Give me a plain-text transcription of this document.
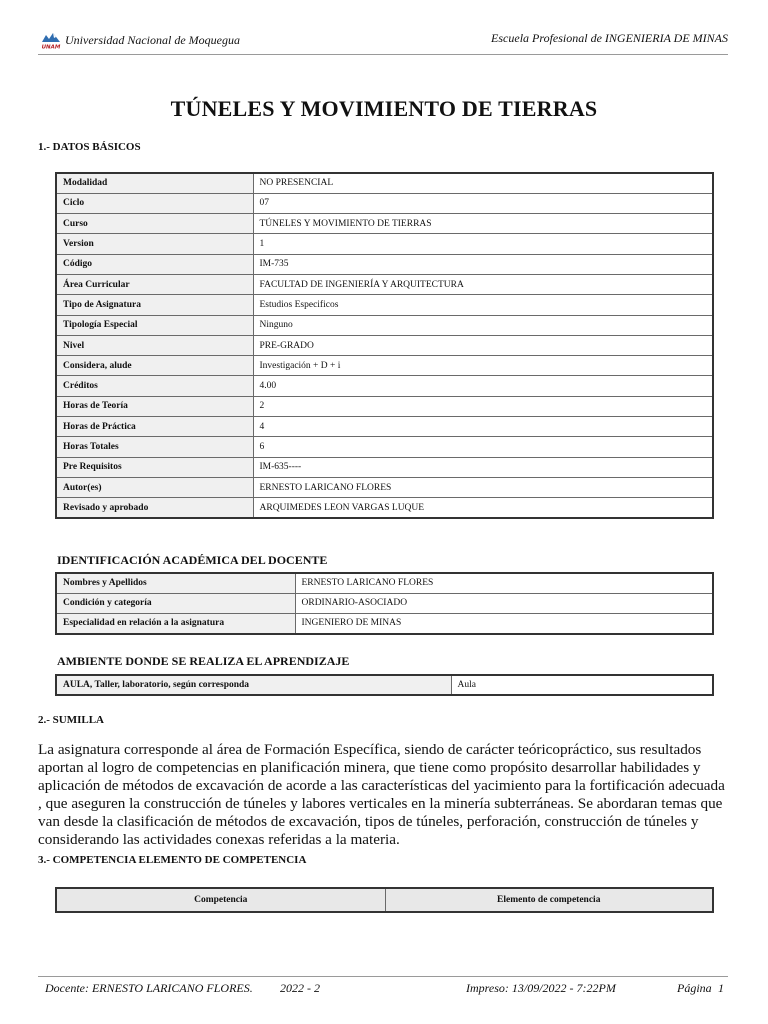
UNAM
Universidad Nacional de Moquegua	Escuela Profesional de INGENIERIA DE MINAS
TÚNELES Y MOVIMIENTO DE TIERRAS
1.- DATOS BÁSICOS
Modalidad	NO PRESENCIAL
Ciclo	07
Curso	TÚNELES Y MOVIMIENTO DE TIERRAS
Version	1
Código	IM-735
Área Curricular	FACULTAD DE INGENIERÍA Y ARQUITECTURA
Tipo de Asignatura	Estudios Especificos
Tipología Especial	Ninguno
Nivel	PRE-GRADO
Considera, alude	Investigación + D + i
Créditos	4.00
Horas de Teoría	2
Horas de Práctica	4
Horas Totales	6
Pre Requisitos	IM-635----
Autor(es)	ERNESTO LARICANO FLORES
Revisado y aprobado	ARQUIMEDES LEON VARGAS LUQUE
IDENTIFICACIÓN ACADÉMICA DEL DOCENTE
Nombres y Apellidos	ERNESTO LARICANO FLORES
Condición y categoría	ORDINARIO-ASOCIADO
Especialidad en relación a la asignatura	INGENIERO DE MINAS
AMBIENTE DONDE SE REALIZA EL APRENDIZAJE
AULA, Taller, laboratorio, según corresponda	Aula
2.- SUMILLA
La asignatura corresponde al área de Formación Específica, siendo de carácter teóricopráctico, sus resultados aportan al logro de competencias en planificación minera, que tiene como propósito desarrollar habilidades y aplicación de métodos de excavación de acorde a las características del yacimiento para la fortificación adecuada , que aseguren la construcción de túneles y labores verticales en la minería subterráneas. Se abordaran temas que van desde la clasificación de métodos de excavación, tipos de túneles, perforación, construcción de túneles y considerando las actividades conexas referidas a la materia.
3.- COMPETENCIA ELEMENTO DE COMPETENCIA
Competencia	Elemento de competencia
Docente: ERNESTO LARICANO FLORES. 2022 - 2	Impreso: 13/09/2022 - 7:22PM	Página 1
